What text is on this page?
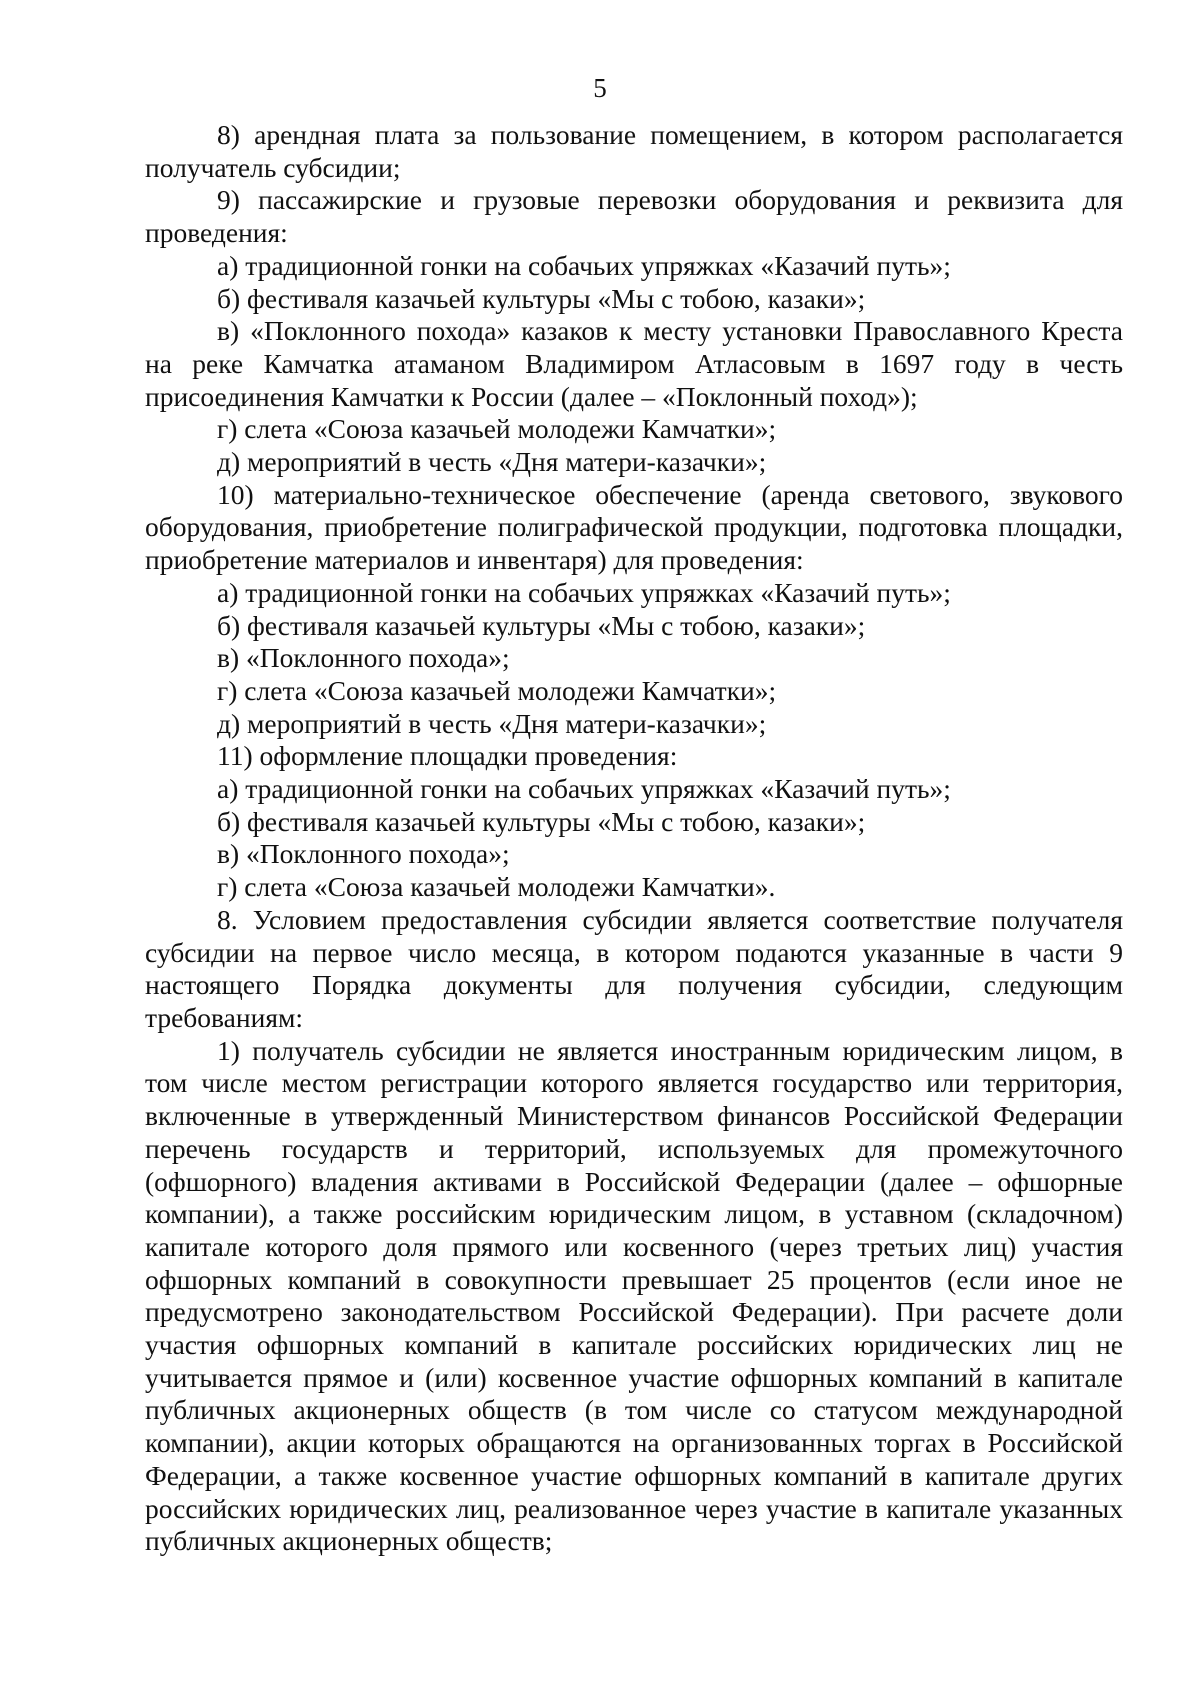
5

8) арендная плата за пользование помещением, в котором располагается получатель субсидии;

9) пассажирские и грузовые перевозки оборудования и реквизита для проведения:

а) традиционной гонки на собачьих упряжках «Казачий путь»;

б) фестиваля казачьей культуры «Мы с тобою, казаки»;

в) «Поклонного похода» казаков к месту установки Православного Креста на реке Камчатка атаманом Владимиром Атласовым в 1697 году в честь присоединения Камчатки к России (далее – «Поклонный поход»);

г) слета «Союза казачьей молодежи Камчатки»;

д) мероприятий в честь «Дня матери-казачки»;

10) материально-техническое обеспечение (аренда светового, звукового оборудования, приобретение полиграфической продукции, подготовка площадки, приобретение материалов и инвентаря) для проведения:

а) традиционной гонки на собачьих упряжках «Казачий путь»;

б) фестиваля казачьей культуры «Мы с тобою, казаки»;

в) «Поклонного похода»;

г) слета «Союза казачьей молодежи Камчатки»;

д) мероприятий в честь «Дня матери-казачки»;

11) оформление площадки проведения:

а) традиционной гонки на собачьих упряжках «Казачий путь»;

б) фестиваля казачьей культуры «Мы с тобою, казаки»;

в) «Поклонного похода»;

г) слета «Союза казачьей молодежи Камчатки».

8. Условием предоставления субсидии является соответствие получателя субсидии на первое число месяца, в котором подаются указанные в части 9 настоящего Порядка документы для получения субсидии, следующим требованиям:

1) получатель субсидии не является иностранным юридическим лицом, в том числе местом регистрации которого является государство или территория, включенные в утвержденный Министерством финансов Российской Федерации перечень государств и территорий, используемых для промежуточного (офшорного) владения активами в Российской Федерации (далее – офшорные компании), а также российским юридическим лицом, в уставном (складочном) капитале которого доля прямого или косвенного (через третьих лиц) участия офшорных компаний в совокупности превышает 25 процентов (если иное не предусмотрено законодательством Российской Федерации). При расчете доли участия офшорных компаний в капитале российских юридических лиц не учитывается прямое и (или) косвенное участие офшорных компаний в капитале публичных акционерных обществ (в том числе со статусом международной компании), акции которых обращаются на организованных торгах в Российской Федерации, а также косвенное участие офшорных компаний в капитале других российских юридических лиц, реализованное через участие в капитале указанных публичных акционерных обществ;
